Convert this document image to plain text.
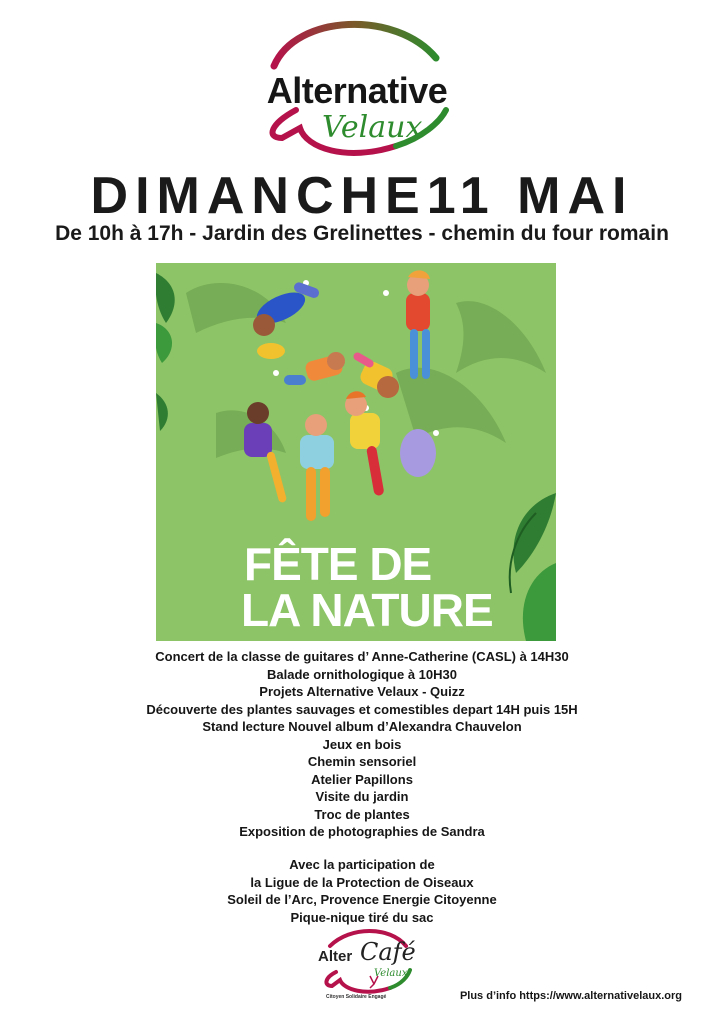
Alternative
Velaux
DIMANCHE11 MAI
De 10h à 17h - Jardin des Grelinettes - chemin du four romain
FÊTE DE
LA NATURE
Concert de la classe de guitares d’ Anne-Catherine (CASL) à 14H30
Balade ornithologique à 10H30
Projets Alternative Velaux - Quizz
Découverte des plantes sauvages et comestibles depart 14H puis 15H
Stand lecture Nouvel album d’Alexandra Chauvelon
Jeux en bois
Chemin sensoriel
Atelier Papillons
Visite du jardin
Troc de plantes
Exposition de photographies de Sandra
Avec la participation de
la Ligue de la Protection de Oiseaux
Soleil de l’Arc, Provence Energie Citoyenne
Pique-nique tiré du sac
Alter Café
Velaux
Citoyen Solidaire Engagé	Plus d’info https://www.alternativelaux.org
